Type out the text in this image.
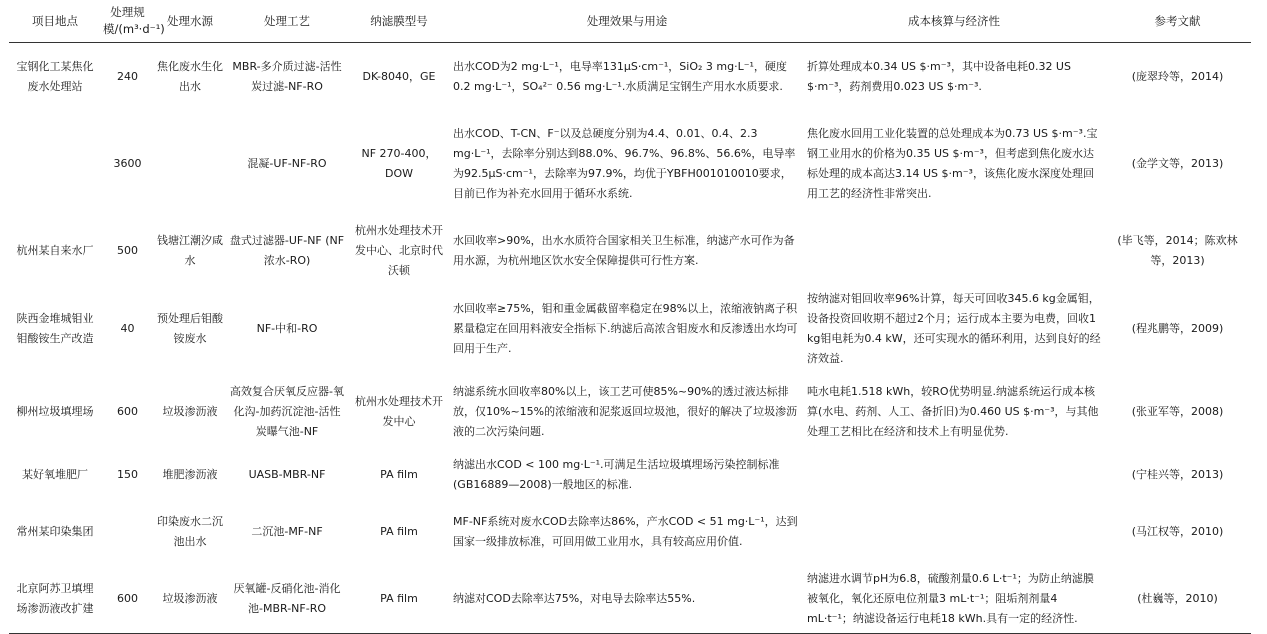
项目地点	处理规模/(m³·d⁻¹)	处理水源	处理工艺	纳滤膜型号	处理效果与用途	成本核算与经济性	参考文献
宝钢化工某焦化废水处理站	240	焦化废水生化出水	MBR-多介质过滤-活性炭过滤-NF-RO	DK-8040，GE	出水COD为2 mg·L⁻¹，电导率131μS·cm⁻¹，SiO₂ 3 mg·L⁻¹，硬度0.2 mg·L⁻¹，SO₄²⁻ 0.56 mg·L⁻¹.水质满足宝钢生产用水水质要求.	折算处理成本0.34 US $·m⁻³，其中设备电耗0.32 US $·m⁻³，药剂费用0.023 US $·m⁻³.	(庞翠玲等，2014)
	3600		混凝-UF-NF-RO	NF 270-400，DOW	出水COD、T-CN、F⁻以及总硬度分别为4.4、0.01、0.4、2.3 mg·L⁻¹，去除率分别达到88.0%、96.7%、96.8%、56.6%，电导率为92.5μS·cm⁻¹，去除率为97.9%，均优于YBFH001010010要求，目前已作为补充水回用于循环水系统.	焦化废水回用工业化装置的总处理成本为0.73 US $·m⁻³.宝钢工业用水的价格为0.35 US $·m⁻³，但考虑到焦化废水达标处理的成本高达3.14 US $·m⁻³，该焦化废水深度处理回用工艺的经济性非常突出.	(金学文等，2013)
杭州某自来水厂	500	钱塘江潮汐咸水	盘式过滤器-UF-NF (NF浓水-RO)	杭州水处理技术开发中心、北京时代沃顿	水回收率>90%，出水水质符合国家相关卫生标准，纳滤产水可作为备用水源，为杭州地区饮水安全保障提供可行性方案.		(毕飞等，2014；陈欢林等，2013)
陕西金堆城钼业钼酸铵生产改造	40	预处理后钼酸铵废水	NF-中和-RO		水回收率≥75%，钼和重金属截留率稳定在98%以上，浓缩液钠离子积累量稳定在回用料液安全指标下.纳滤后高浓含钼废水和反渗透出水均可回用于生产.	按纳滤对钼回收率96%计算，每天可回收345.6 kg金属钼，设备投资回收期不超过2个月；运行成本主要为电费，回收1 kg钼电耗为0.4 kW，还可实现水的循环利用，达到良好的经济效益.	(程兆鹏等，2009)
柳州垃圾填埋场	600	垃圾渗沥液	高效复合厌氧反应器-氧化沟-加药沉淀池-活性炭曝气池-NF	杭州水处理技术开发中心	纳滤系统水回收率80%以上，该工艺可使85%~90%的透过液达标排放，仅10%~15%的浓缩液和泥浆返回垃圾池，很好的解决了垃圾渗沥液的二次污染问题.	吨水电耗1.518 kWh，较RO优势明显.纳滤系统运行成本核算(水电、药剂、人工、备折旧)为0.460 US $·m⁻³，与其他处理工艺相比在经济和技术上有明显优势.	(张亚军等，2008)
某好氧堆肥厂	150	堆肥渗沥液	UASB-MBR-NF	PA film	纳滤出水COD < 100 mg·L⁻¹.可满足生活垃圾填埋场污染控制标准(GB16889—2008)一般地区的标准.		(宁桂兴等，2013)
常州某印染集团		印染废水二沉池出水	二沉池-MF-NF	PA film	MF-NF系统对废水COD去除率达86%，产水COD < 51 mg·L⁻¹，达到国家一级排放标准，可回用做工业用水，具有较高应用价值.		(马江权等，2010)
北京阿苏卫填埋场渗沥液改扩建	600	垃圾渗沥液	厌氧罐-反硝化池-消化池-MBR-NF-RO	PA film	纳滤对COD去除率达75%，对电导去除率达55%.	纳滤进水调节pH为6.8，硫酸剂量0.6 L·t⁻¹；为防止纳滤膜被氧化，氧化还原电位剂量3 mL·t⁻¹；阻垢剂剂量4 mL·t⁻¹；纳滤设备运行电耗18 kWh.具有一定的经济性.	(杜巍等，2010)
